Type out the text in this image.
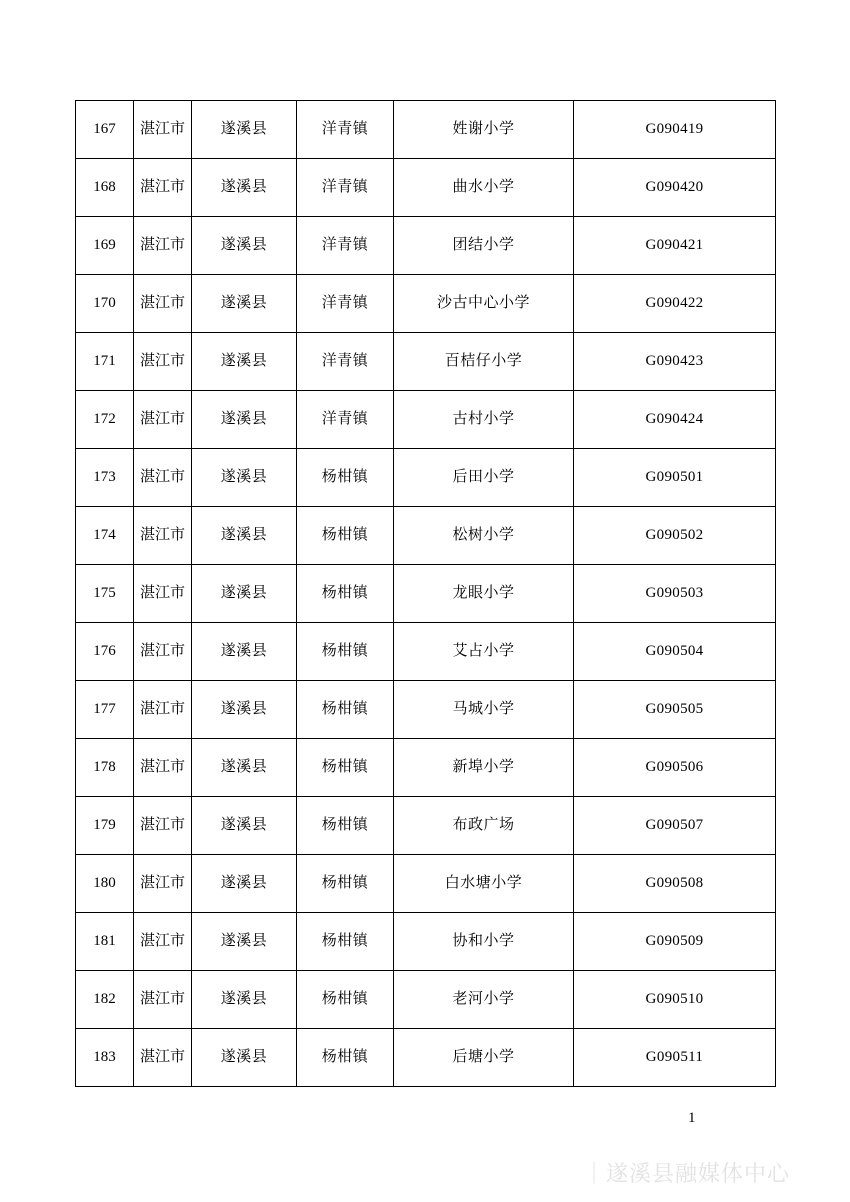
167	湛江市	遂溪县	洋青镇	姓谢小学	G090419
168	湛江市	遂溪县	洋青镇	曲水小学	G090420
169	湛江市	遂溪县	洋青镇	团结小学	G090421
170	湛江市	遂溪县	洋青镇	沙古中心小学	G090422
171	湛江市	遂溪县	洋青镇	百桔仔小学	G090423
172	湛江市	遂溪县	洋青镇	古村小学	G090424
173	湛江市	遂溪县	杨柑镇	后田小学	G090501
174	湛江市	遂溪县	杨柑镇	松树小学	G090502
175	湛江市	遂溪县	杨柑镇	龙眼小学	G090503
176	湛江市	遂溪县	杨柑镇	艾占小学	G090504
177	湛江市	遂溪县	杨柑镇	马城小学	G090505
178	湛江市	遂溪县	杨柑镇	新埠小学	G090506
179	湛江市	遂溪县	杨柑镇	布政广场	G090507
180	湛江市	遂溪县	杨柑镇	白水塘小学	G090508
181	湛江市	遂溪县	杨柑镇	协和小学	G090509
182	湛江市	遂溪县	杨柑镇	老河小学	G090510
183	湛江市	遂溪县	杨柑镇	后塘小学	G090511
1
｜遂溪县融媒体中心
